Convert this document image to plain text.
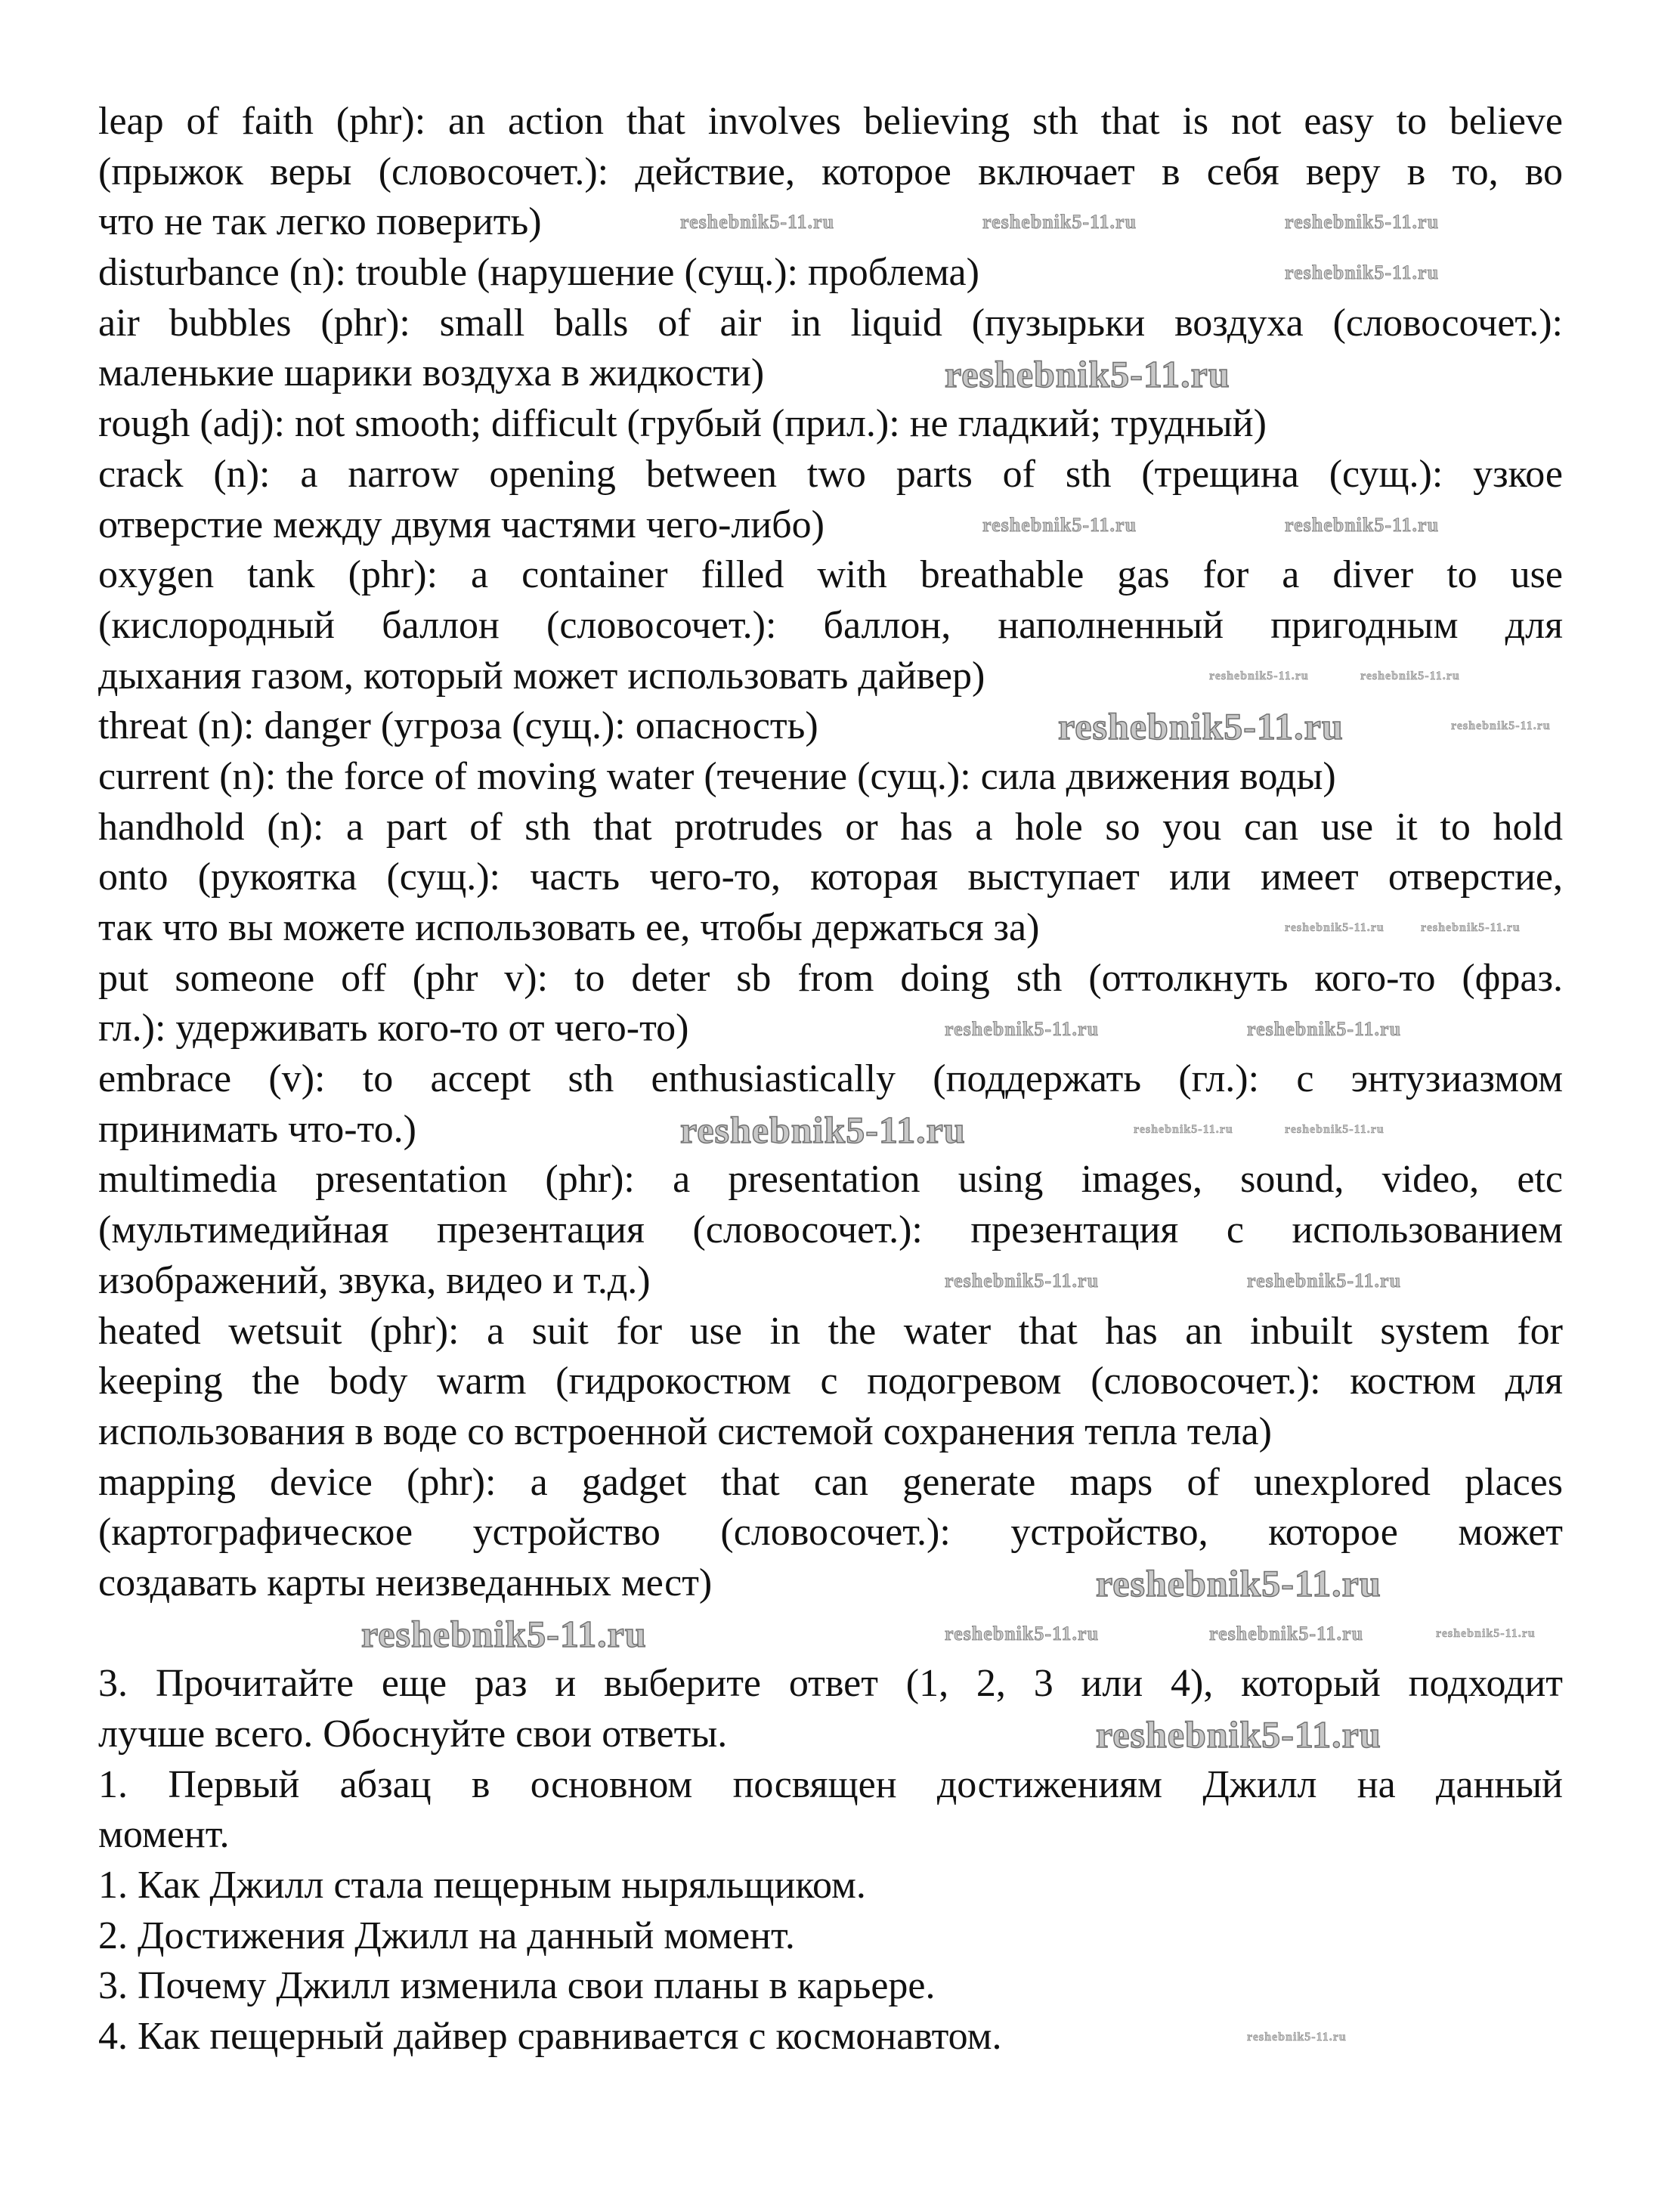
leap of faith (phr): an action that involves believing sth that is not easy to believe
(прыжок веры (словосочет.): действие, которое включает в себя веру в то, во
что не так легко поверить)
disturbance (n): trouble (нарушение (сущ.): проблема)
air bubbles (phr): small balls of air in liquid (пузырьки воздуха (словосочет.):
маленькие шарики воздуха в жидкости)
rough (adj): not smooth; difficult (грубый (прил.): не гладкий; трудный)
crack (n): a narrow opening between two parts of sth (трещина (сущ.): узкое
отверстие между двумя частями чего-либо)
oxygen tank (phr): a container filled with breathable gas for a diver to use
(кислородный баллон (словосочет.): баллон, наполненный пригодным для
дыхания газом, который может использовать дайвер)
threat (n): danger (угроза (сущ.): опасность)
current (n): the force of moving water (течение (сущ.): сила движения воды)
handhold (n): a part of sth that protrudes or has a hole so you can use it to hold
onto (рукоятка (сущ.): часть чего-то, которая выступает или имеет отверстие,
так что вы можете использовать ее, чтобы держаться за)
put someone off (phr v): to deter sb from doing sth (оттолкнуть кого-то (фраз.
гл.): удерживать кого-то от чего-то)
embrace (v): to accept sth enthusiastically (поддержать (гл.): с энтузиазмом
принимать что-то.)
multimedia presentation (phr): a presentation using images, sound, video, etc
(мультимедийная презентация (словосочет.): презентация с использованием
изображений, звука, видео и т.д.)
heated wetsuit (phr): a suit for use in the water that has an inbuilt system for
keeping the body warm (гидрокостюм с подогревом (словосочет.): костюм для
использования в воде со встроенной системой сохранения тепла тела)
mapping device (phr): a gadget that can generate maps of unexplored places
(картографическое устройство (словосочет.): устройство, которое может
создавать карты неизведанных мест)
3. Прочитайте еще раз и выберите ответ (1, 2, 3 или 4), который подходит
лучше всего. Обоснуйте свои ответы.
1. Первый абзац в основном посвящен достижениям Джилл на данный
момент.
1. Как Джилл стала пещерным ныряльщиком.
2. Достижения Джилл на данный момент.
3. Почему Джилл изменила свои планы в карьере.
4. Как пещерный дайвер сравнивается с космонавтом.
reshebnik5-11.ru
reshebnik5-11.ru
reshebnik5-11.ru
reshebnik5-11.ru
reshebnik5-11.ru
reshebnik5-11.ru
reshebnik5-11.ru	reshebnik5-11.ru	reshebnik5-11.ru
reshebnik5-11.ru
reshebnik5-11.ru	reshebnik5-11.ru
reshebnik5-11.ru	reshebnik5-11.ru
reshebnik5-11.ru	reshebnik5-11.ru
reshebnik5-11.ru	reshebnik5-11.ru	reshebnik5-11.ru
reshebnik5-11.ru	reshebnik5-11.ru
reshebnik5-11.ru	reshebnik5-11.ru
reshebnik5-11.ru
reshebnik5-11.ru	reshebnik5-11.ru
reshebnik5-11.ru
